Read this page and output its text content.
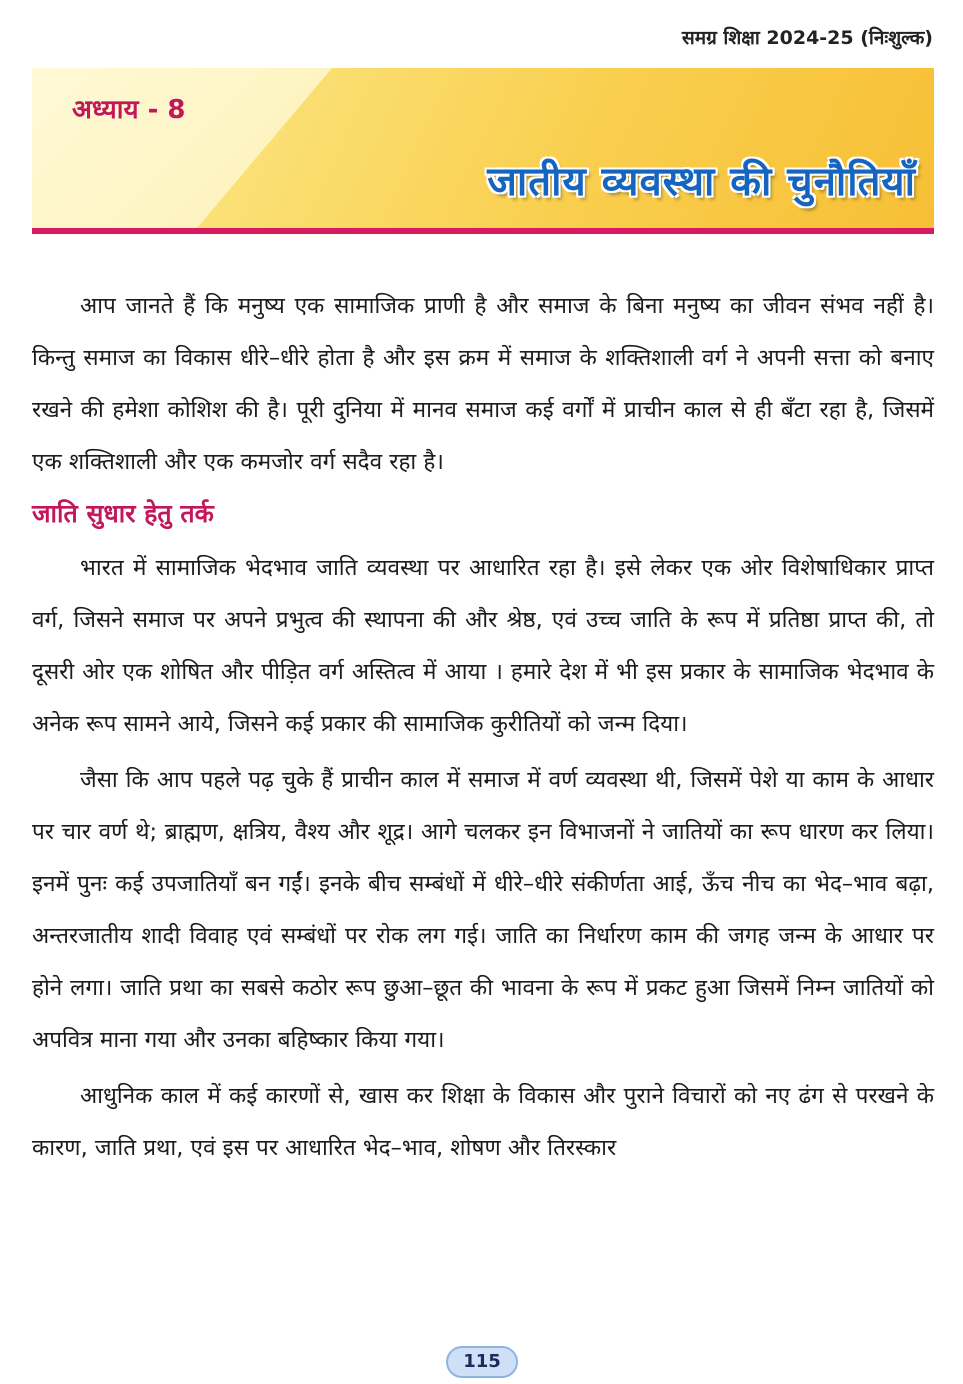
समग्र शिक्षा 2024-25 (निःशुल्क)
अध्याय - 8
जातीय व्यवस्था की चुनौतियाँ

आप जानते हैं कि मनुष्य एक सामाजिक प्राणी है और समाज के बिना मनुष्य का जीवन संभव नहीं है। किन्तु समाज का विकास धीरे–धीरे होता है और इस क्रम में समाज के शक्तिशाली वर्ग ने अपनी सत्ता को बनाए रखने की हमेशा कोशिश की है। पूरी दुनिया में मानव समाज कई वर्गों में प्राचीन काल से ही बँटा रहा है, जिसमें एक शक्तिशाली और एक कमजोर वर्ग सदैव रहा है।

जाति सुधार हेतु तर्क

भारत में सामाजिक भेदभाव जाति व्यवस्था पर आधारित रहा है। इसे लेकर एक ओर विशेषाधिकार प्राप्त वर्ग, जिसने समाज पर अपने प्रभुत्व की स्थापना की और श्रेष्ठ, एवं उच्च जाति के रूप में प्रतिष्ठा प्राप्त की, तो दूसरी ओर एक शोषित और पीड़ित वर्ग अस्तित्व में आया । हमारे देश में भी इस प्रकार के सामाजिक भेदभाव के अनेक रूप सामने आये, जिसने कई प्रकार की सामाजिक कुरीतियों को जन्म दिया।

जैसा कि आप पहले पढ़ चुके हैं प्राचीन काल में समाज में वर्ण व्यवस्था थी, जिसमें पेशे या काम के आधार पर चार वर्ण थे; ब्राह्मण, क्षत्रिय, वैश्य और शूद्र। आगे चलकर इन विभाजनों ने जातियों का रूप धारण कर लिया। इनमें पुनः कई उपजातियाँ बन गईं। इनके बीच सम्बंधों में धीरे–धीरे संकीर्णता आई, ऊँच नीच का भेद–भाव बढ़ा, अन्तरजातीय शादी विवाह एवं सम्बंधों पर रोक लग गई। जाति का निर्धारण काम की जगह जन्म के आधार पर होने लगा। जाति प्रथा का सबसे कठोर रूप छुआ–छूत की भावना के रूप में प्रकट हुआ जिसमें निम्न जातियों को अपवित्र माना गया और उनका बहिष्कार किया गया।

आधुनिक काल में कई कारणों से, खास कर शिक्षा के विकास और पुराने विचारों को नए ढंग से परखने के कारण, जाति प्रथा, एवं इस पर आधारित भेद–भाव, शोषण और तिरस्कार

115
